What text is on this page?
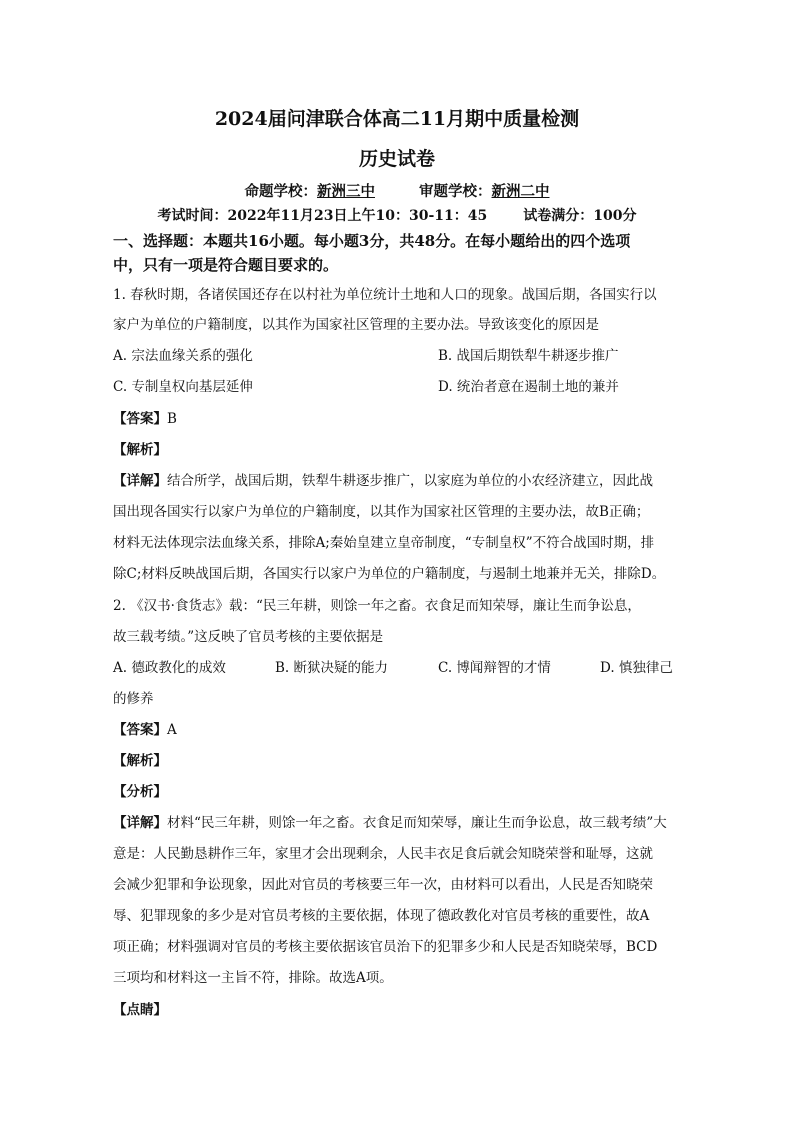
2024届问津联合体高二11月期中质量检测
历史试卷
命题学校：新洲三中	审题学校：新洲二中
考试时间：2022年11月23日上午10：30-11：45	试卷满分：100分
一、选择题：本题共16小题。每小题3分，共48分。在每小题给出的四个选项
中，只有一项是符合题目要求的。
1. 春秋时期，各诸侯国还存在以村社为单位统计土地和人口的现象。战国后期，各国实行以
家户为单位的户籍制度，以其作为国家社区管理的主要办法。导致该变化的原因是
A. 宗法血缘关系的强化	B. 战国后期铁犁牛耕逐步推广
C. 专制皇权向基层延伸	D. 统治者意在遏制土地的兼并
【答案】B
【解析】
【详解】结合所学，战国后期，铁犁牛耕逐步推广，以家庭为单位的小农经济建立，因此战
国出现各国实行以家户为单位的户籍制度，以其作为国家社区管理的主要办法，故B正确；
材料无法体现宗法血缘关系，排除A;秦始皇建立皇帝制度，“专制皇权”不符合战国时期，排
除C;材料反映战国后期，各国实行以家户为单位的户籍制度，与遏制土地兼并无关，排除D。
2. 《汉书·食货志》载：“民三年耕，则馀一年之畜。衣食足而知荣辱，廉让生而争讼息，
故三载考绩。”这反映了官员考核的主要依据是
A. 德政教化的成效	B. 断狱决疑的能力	C. 博闻辩智的才情	D. 慎独律己
的修养
【答案】A
【解析】
【分析】
【详解】材料“民三年耕，则馀一年之畜。衣食足而知荣辱，廉让生而争讼息，故三载考绩”大
意是：人民勤恳耕作三年，家里才会出现剩余，人民丰衣足食后就会知晓荣誉和耻辱，这就
会减少犯罪和争讼现象，因此对官员的考核要三年一次，由材料可以看出，人民是否知晓荣
辱、犯罪现象的多少是对官员考核的主要依据，体现了德政教化对官员考核的重要性，故A
项正确；材料强调对官员的考核主要依据该官员治下的犯罪多少和人民是否知晓荣辱，BCD
三项均和材料这一主旨不符，排除。故选A项。
【点睛】
